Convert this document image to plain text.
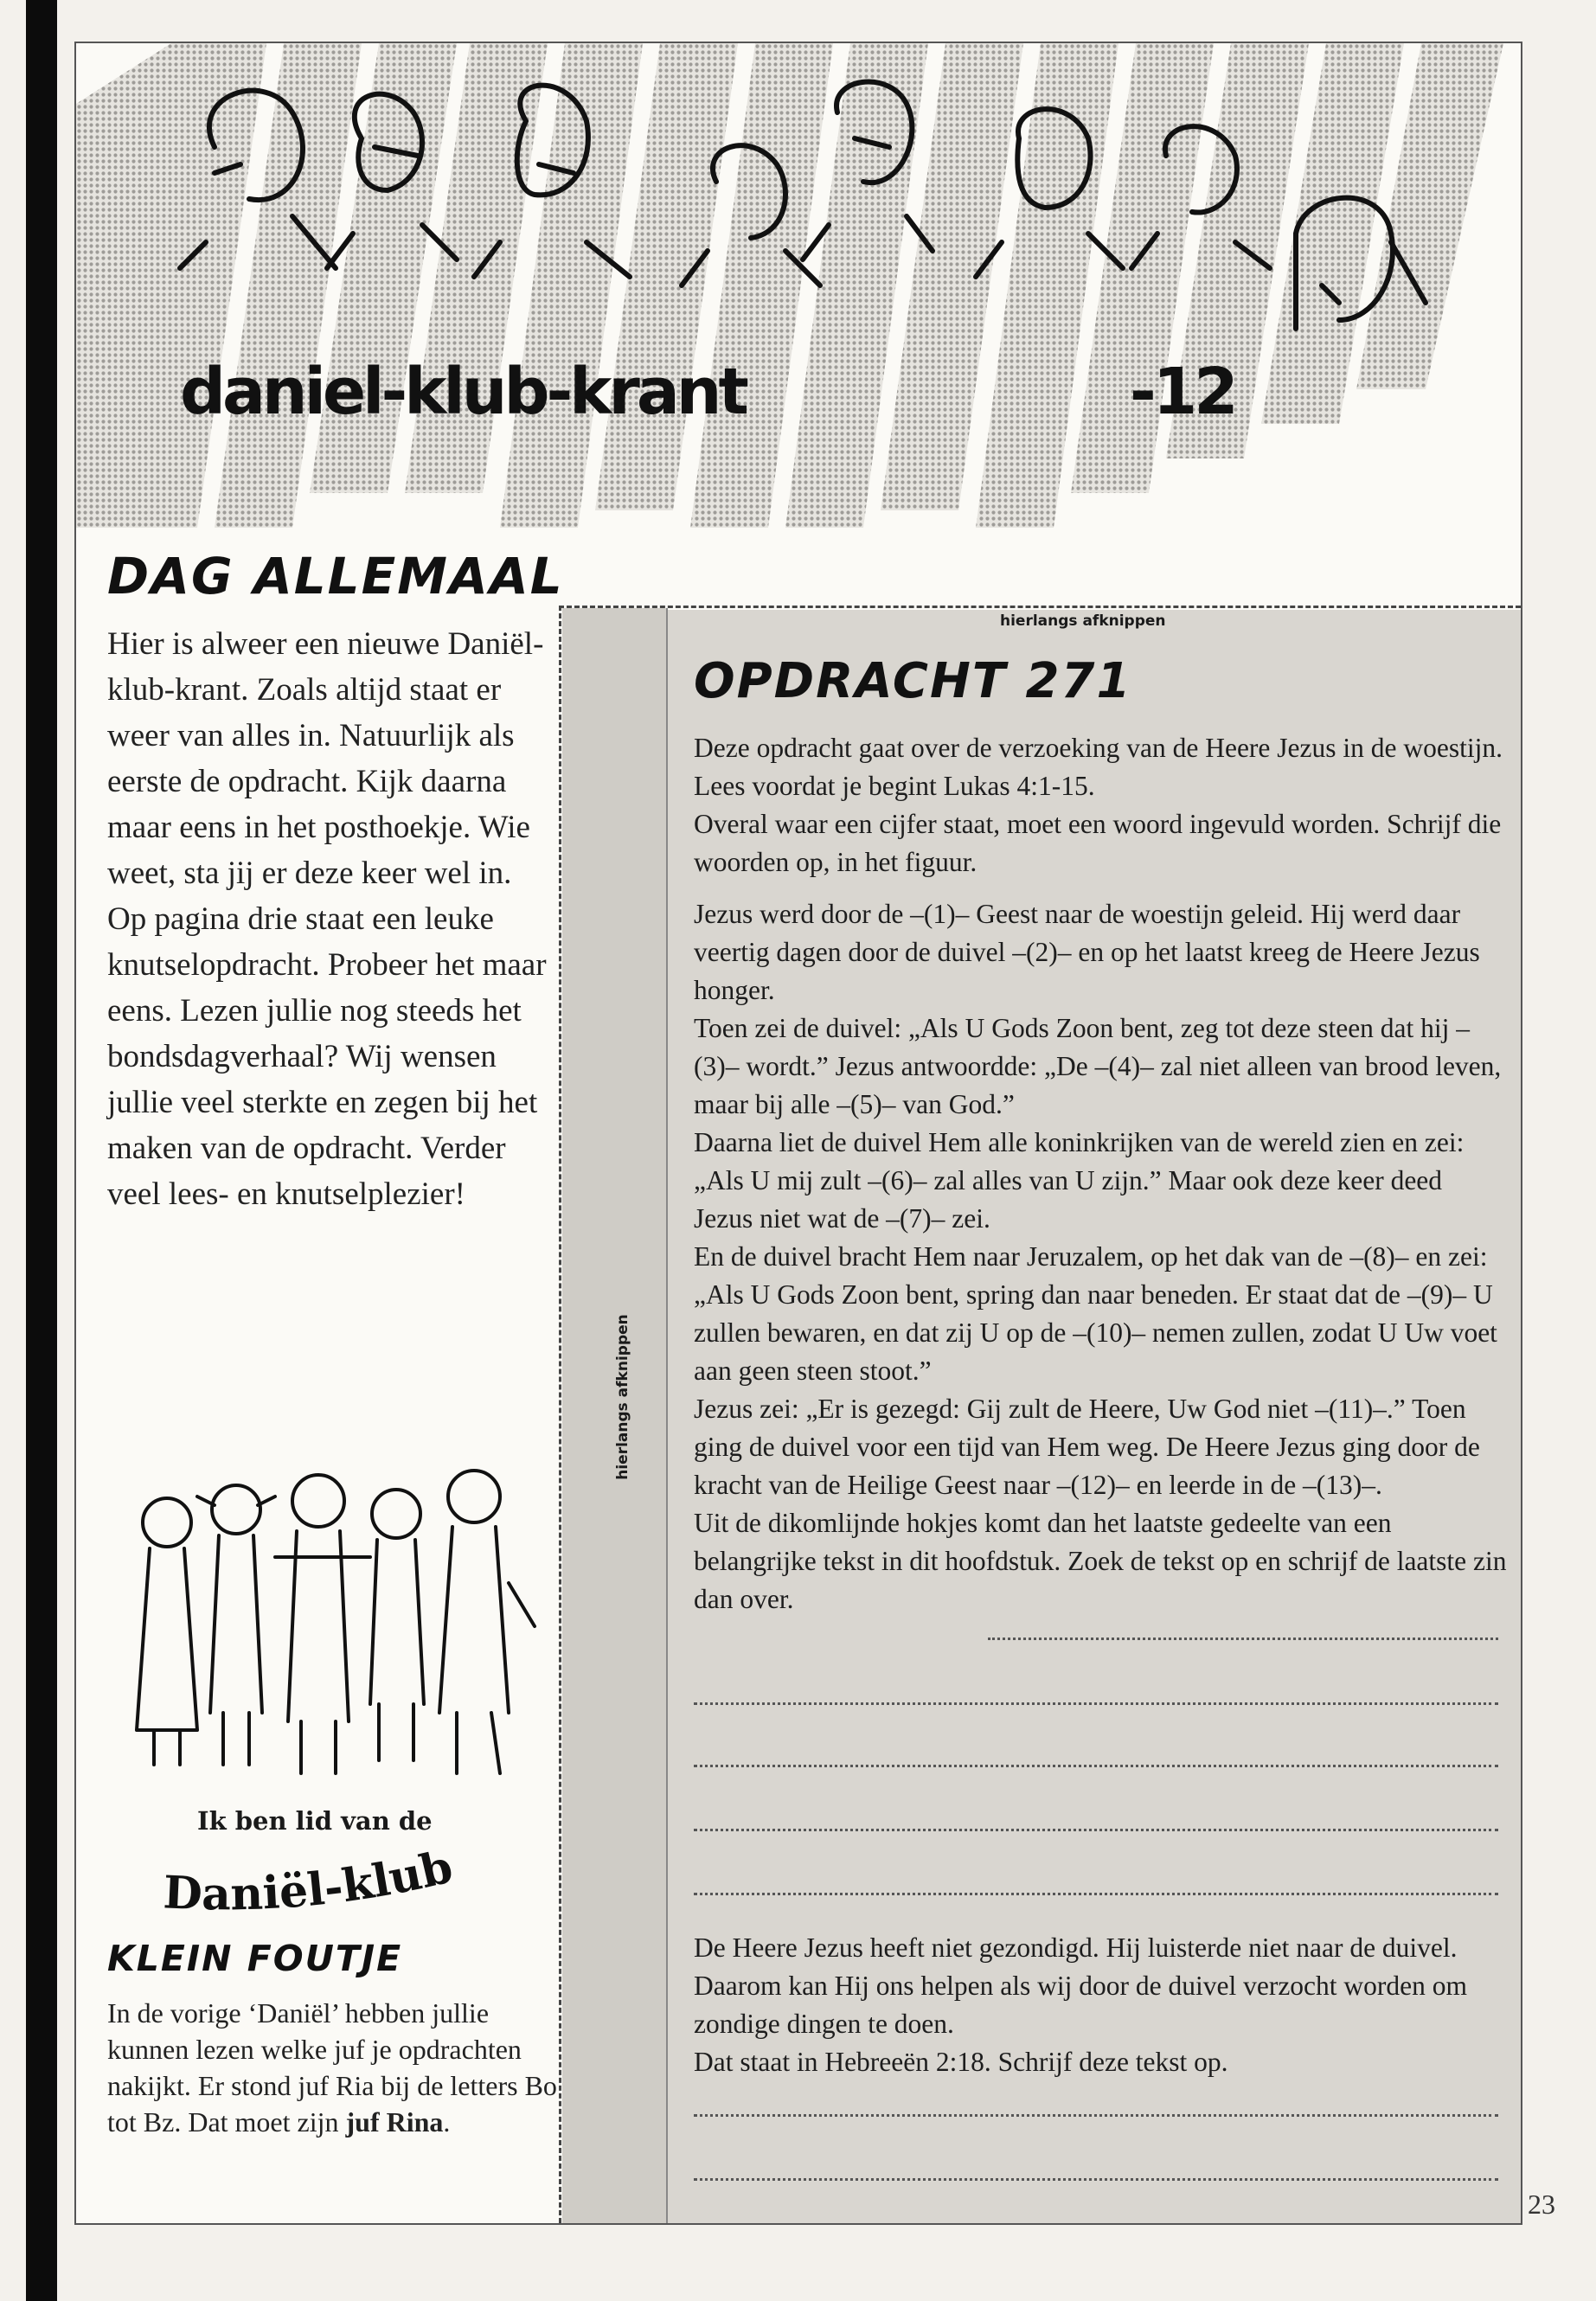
daniel-klub-krant	-12
DAG ALLEMAAL

Hier is alweer een nieuwe Daniël-klub-krant. Zoals altijd staat er weer van alles in. Natuurlijk als eerste de opdracht. Kijk daarna maar eens in het posthoekje. Wie weet, sta jij er deze keer wel in. Op pagina drie staat een leuke knutselopdracht. Probeer het maar eens. Lezen jullie nog steeds het bondsdagverhaal? Wij wensen jullie veel sterkte en zegen bij het maken van de opdracht. Verder veel lees- en knutselplezier!

Ik ben lid van de
Daniël-klub
KLEIN FOUTJE

In de vorige ‘Daniël’ hebben jullie kunnen lezen welke juf je opdrachten nakijkt. Er stond juf Ria bij de letters Bo tot Bz. Dat moet zijn juf Rina.

hierlangs afknippen
hierlangs afknippen
OPDRACHT 271

Deze opdracht gaat over de verzoeking van de Heere Jezus in de woestijn. Lees voordat je begint Lukas 4:1-15.
Overal waar een cijfer staat, moet een woord ingevuld worden. Schrijf die woorden op, in het figuur.

Jezus werd door de –(1)– Geest naar de woestijn geleid. Hij werd daar veertig dagen door de duivel –(2)– en op het laatst kreeg de Heere Jezus honger.
Toen zei de duivel: „Als U Gods Zoon bent, zeg tot deze steen dat hij –(3)– wordt.” Jezus antwoordde: „De –(4)– zal niet alleen van brood leven, maar bij alle –(5)– van God.”
Daarna liet de duivel Hem alle koninkrijken van de wereld zien en zei: „Als U mij zult –(6)– zal alles van U zijn.” Maar ook deze keer deed Jezus niet wat de –(7)– zei.
En de duivel bracht Hem naar Jeruzalem, op het dak van de –(8)– en zei: „Als U Gods Zoon bent, spring dan naar beneden. Er staat dat de –(9)– U zullen bewaren, en dat zij U op de –(10)– nemen zullen, zodat U Uw voet aan geen steen stoot.”
Jezus zei: „Er is gezegd: Gij zult de Heere, Uw God niet –(11)–.” Toen ging de duivel voor een tijd van Hem weg. De Heere Jezus ging door de kracht van de Heilige Geest naar –(12)– en leerde in de –(13)–.
Uit de dikomlijnde hokjes komt dan het laatste gedeelte van een belangrijke tekst in dit hoofdstuk. Zoek de tekst op en schrijf de laatste zin dan over.

De Heere Jezus heeft niet gezondigd. Hij luisterde niet naar de duivel. Daarom kan Hij ons helpen als wij door de duivel verzocht worden om zondige dingen te doen.
Dat staat in Hebreeën 2:18. Schrijf deze tekst op.

23
